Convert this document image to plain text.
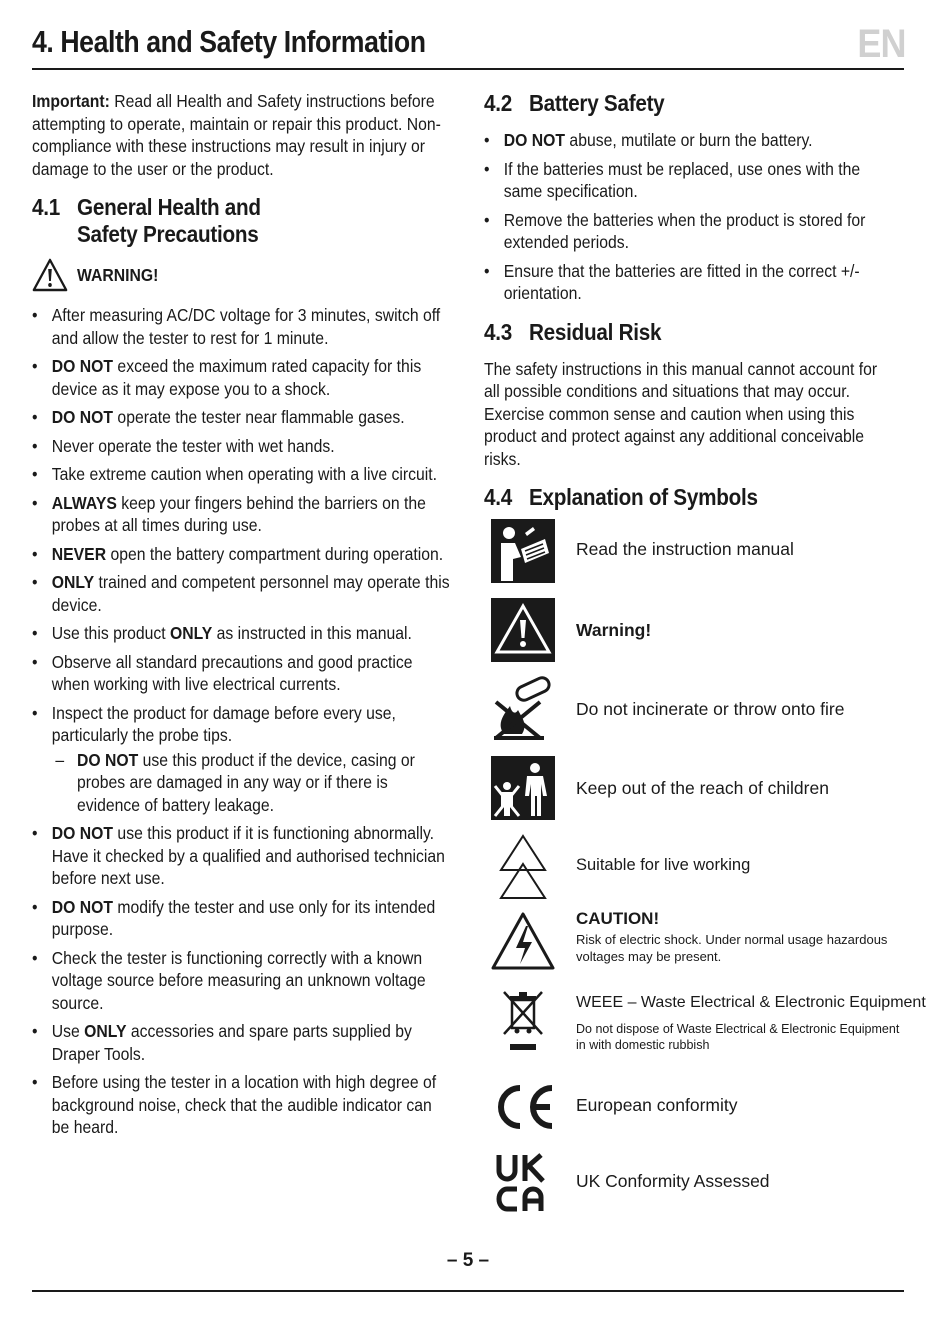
4. Health and Safety Information	EN

Important: Read all Health and Safety instructions before attempting to operate, maintain or repair this product. Non-compliance with these instructions may result in injury or damage to the user or the product.

4.1 General Health and Safety Precautions
WARNING!
• After measuring AC/DC voltage for 3 minutes, switch off and allow the tester to rest for 1 minute.
• DO NOT exceed the maximum rated capacity for this device as it may expose you to a shock.
• DO NOT operate the tester near flammable gases.
• Never operate the tester with wet hands.
• Take extreme caution when operating with a live circuit.
• ALWAYS keep your fingers behind the barriers on the probes at all times during use.
• NEVER open the battery compartment during operation.
• ONLY trained and competent personnel may operate this device.
• Use this product ONLY as instructed in this manual.
• Observe all standard precautions and good practice when working with live electrical currents.
• Inspect the product for damage before every use, particularly the probe tips.
– DO NOT use this product if the device, casing or probes are damaged in any way or if there is evidence of battery leakage.
• DO NOT use this product if it is functioning abnormally. Have it checked by a qualified and authorised technician before next use.
• DO NOT modify the tester and use only for its intended purpose.
• Check the tester is functioning correctly with a known voltage source before measuring an unknown voltage source.
• Use ONLY accessories and spare parts supplied by Draper Tools.
• Before using the tester in a location with high degree of background noise, check that the audible indicator can be heard.
4.2 Battery Safety
• DO NOT abuse, mutilate or burn the battery.
• If the batteries must be replaced, use ones with the same specification.
• Remove the batteries when the product is stored for extended periods.
• Ensure that the batteries are fitted in the correct +/- orientation.
4.3 Residual Risk

The safety instructions in this manual cannot account for all possible conditions and situations that may occur. Exercise common sense and caution when using this product and protect against any additional conceivable risks.

4.4 Explanation of Symbols
Read the instruction manual
Warning!
Do not incinerate or throw onto fire
Keep out of the reach of children
Suitable for live working
CAUTION!
Risk of electric shock. Under normal usage hazardous
voltages may be present.
WEEE – Waste Electrical & Electronic Equipment
Do not dispose of Waste Electrical & Electronic Equipment
in with domestic rubbish
European conformity
UK Conformity Assessed
– 5 –
